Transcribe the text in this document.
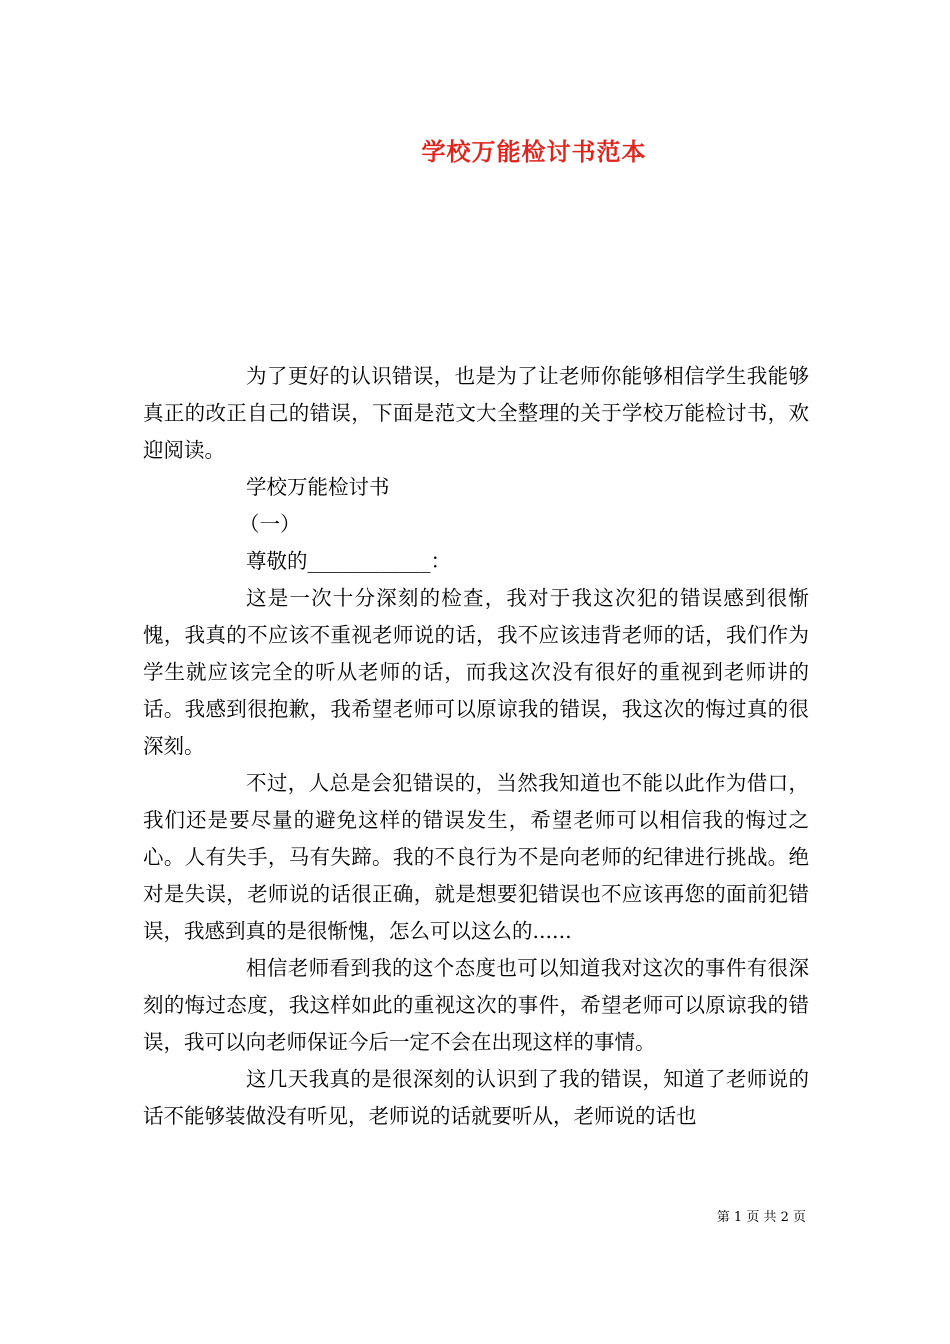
学校万能检讨书范本

为了更好的认识错误，也是为了让老师你能够相信学生我能够真正的改正自己的错误，下面是范文大全整理的关于学校万能检讨书，欢迎阅读。

学校万能检讨书

（一）

尊敬的____________：

这是一次十分深刻的检查，我对于我这次犯的错误感到很惭愧，我真的不应该不重视老师说的话，我不应该违背老师的话，我们作为学生就应该完全的听从老师的话，而我这次没有很好的重视到老师讲的话。我感到很抱歉，我希望老师可以原谅我的错误，我这次的悔过真的很深刻。

不过，人总是会犯错误的，当然我知道也不能以此作为借口，我们还是要尽量的避免这样的错误发生，希望老师可以相信我的悔过之心。人有失手，马有失蹄。我的不良行为不是向老师的纪律进行挑战。绝对是失误，老师说的话很正确，就是想要犯错误也不应该再您的面前犯错误，我感到真的是很惭愧，怎么可以这么的......

相信老师看到我的这个态度也可以知道我对这次的事件有很深刻的悔过态度，我这样如此的重视这次的事件，希望老师可以原谅我的错误，我可以向老师保证今后一定不会在出现这样的事情。

这几天我真的是很深刻的认识到了我的错误，知道了老师说的话不能够装做没有听见，老师说的话就要听从，老师说的话也

第 1 页 共 2 页
